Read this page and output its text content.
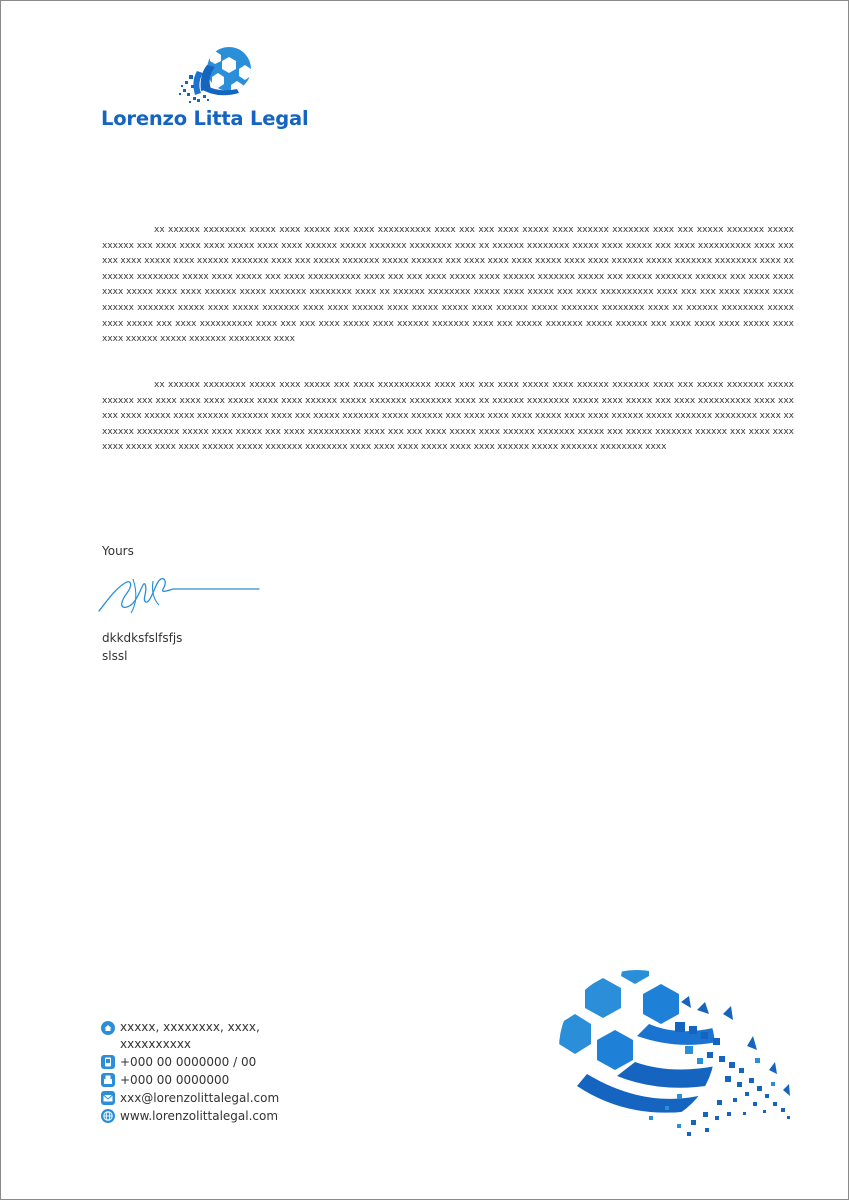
Lorenzo Litta Legal

xx xxxxxx xxxxxxxx xxxxx xxxx xxxxx xxx xxxx xxxxxxxxxx xxxx xxx xxx xxxx xxxxx xxxx xxxxxx xxxxxxx xxxx xxx xxxxx xxxxxxx xxxxx xxxxxx xxx xxxx xxxx xxxx xxxxx xxxx xxxx xxxxxx xxxxx xxxxxxx xxxxxxxx xxxx xx xxxxxx xxxxxxxx xxxxx xxxx xxxxx xxx xxxx xxxxxxxxxx xxxx xxx xxx xxxx xxxxx xxxx xxxxxx xxxxxxx xxxx xxx xxxxx xxxxxxx xxxxx xxxxxx xxx xxxx xxxx xxxx xxxxx xxxx xxxx xxxxxx xxxxx xxxxxxx xxxxxxxx xxxx xx xxxxxx xxxxxxxx xxxxx xxxx xxxxx xxx xxxx xxxxxxxxxx xxxx xxx xxx xxxx xxxxx xxxx xxxxxx xxxxxxx xxxxx xxx xxxxx xxxxxxx xxxxxx xxx xxxx xxxx xxxx xxxxx xxxx xxxx xxxxxx xxxxx xxxxxxx xxxxxxxx xxxx xx xxxxxx xxxxxxxx xxxxx xxxx xxxxx xxx xxxx xxxxxxxxxx xxxx xxx xxx xxxx xxxxx xxxx xxxxxx xxxxxxx xxxxx xxxx xxxxx xxxxxxx xxxx xxxx xxxxxx xxxx xxxxx xxxxx xxxx xxxxxx xxxxx xxxxxxx xxxxxxxx xxxx xx xxxxxx xxxxxxxx xxxxx xxxx xxxxx xxx xxxx xxxxxxxxxx xxxx xxx xxx xxxx xxxxx xxxx xxxxxx xxxxxxx xxxx xxx xxxxx xxxxxxx xxxxx xxxxxx xxx xxxx xxxx xxxx xxxxx xxxx xxxx xxxxxx xxxxx xxxxxxx xxxxxxxx xxxx

xx xxxxxx xxxxxxxx xxxxx xxxx xxxxx xxx xxxx xxxxxxxxxx xxxx xxx xxx xxxx xxxxx xxxx xxxxxx xxxxxxx xxxx xxx xxxxx xxxxxxx xxxxx xxxxxx xxx xxxx xxxx xxxx xxxxx xxxx xxxx xxxxxx xxxxx xxxxxxx xxxxxxxx xxxx xx xxxxxx xxxxxxxx xxxxx xxxx xxxxx xxx xxxx xxxxxxxxxx xxxx xxx xxx xxxx xxxxx xxxx xxxxxx xxxxxxx xxxx xxx xxxxx xxxxxxx xxxxx xxxxxx xxx xxxx xxxx xxxx xxxxx xxxx xxxx xxxxxx xxxxx xxxxxxx xxxxxxxx xxxx xx xxxxxx xxxxxxxx xxxxx xxxx xxxxx xxx xxxx xxxxxxxxxx xxxx xxx xxx xxxx xxxxx xxxx xxxxxx xxxxxxx xxxxx xxx xxxxx xxxxxxx xxxxxx xxx xxxx xxxx xxxx xxxxx xxxx xxxx xxxxxx xxxxx xxxxxxx xxxxxxxx xxxx xxxx xxxx xxxxx xxxx xxxx xxxxxx xxxxx xxxxxxx xxxxxxxx xxxx

Yours
dkkdksfslfsfjs
slssl
xxxxx, xxxxxxxx, xxxx,
xxxxxxxxxx
+000 00 0000000 / 00
+000 00 0000000
xxx@lorenzolittalegal.com
www.lorenzolittalegal.com
